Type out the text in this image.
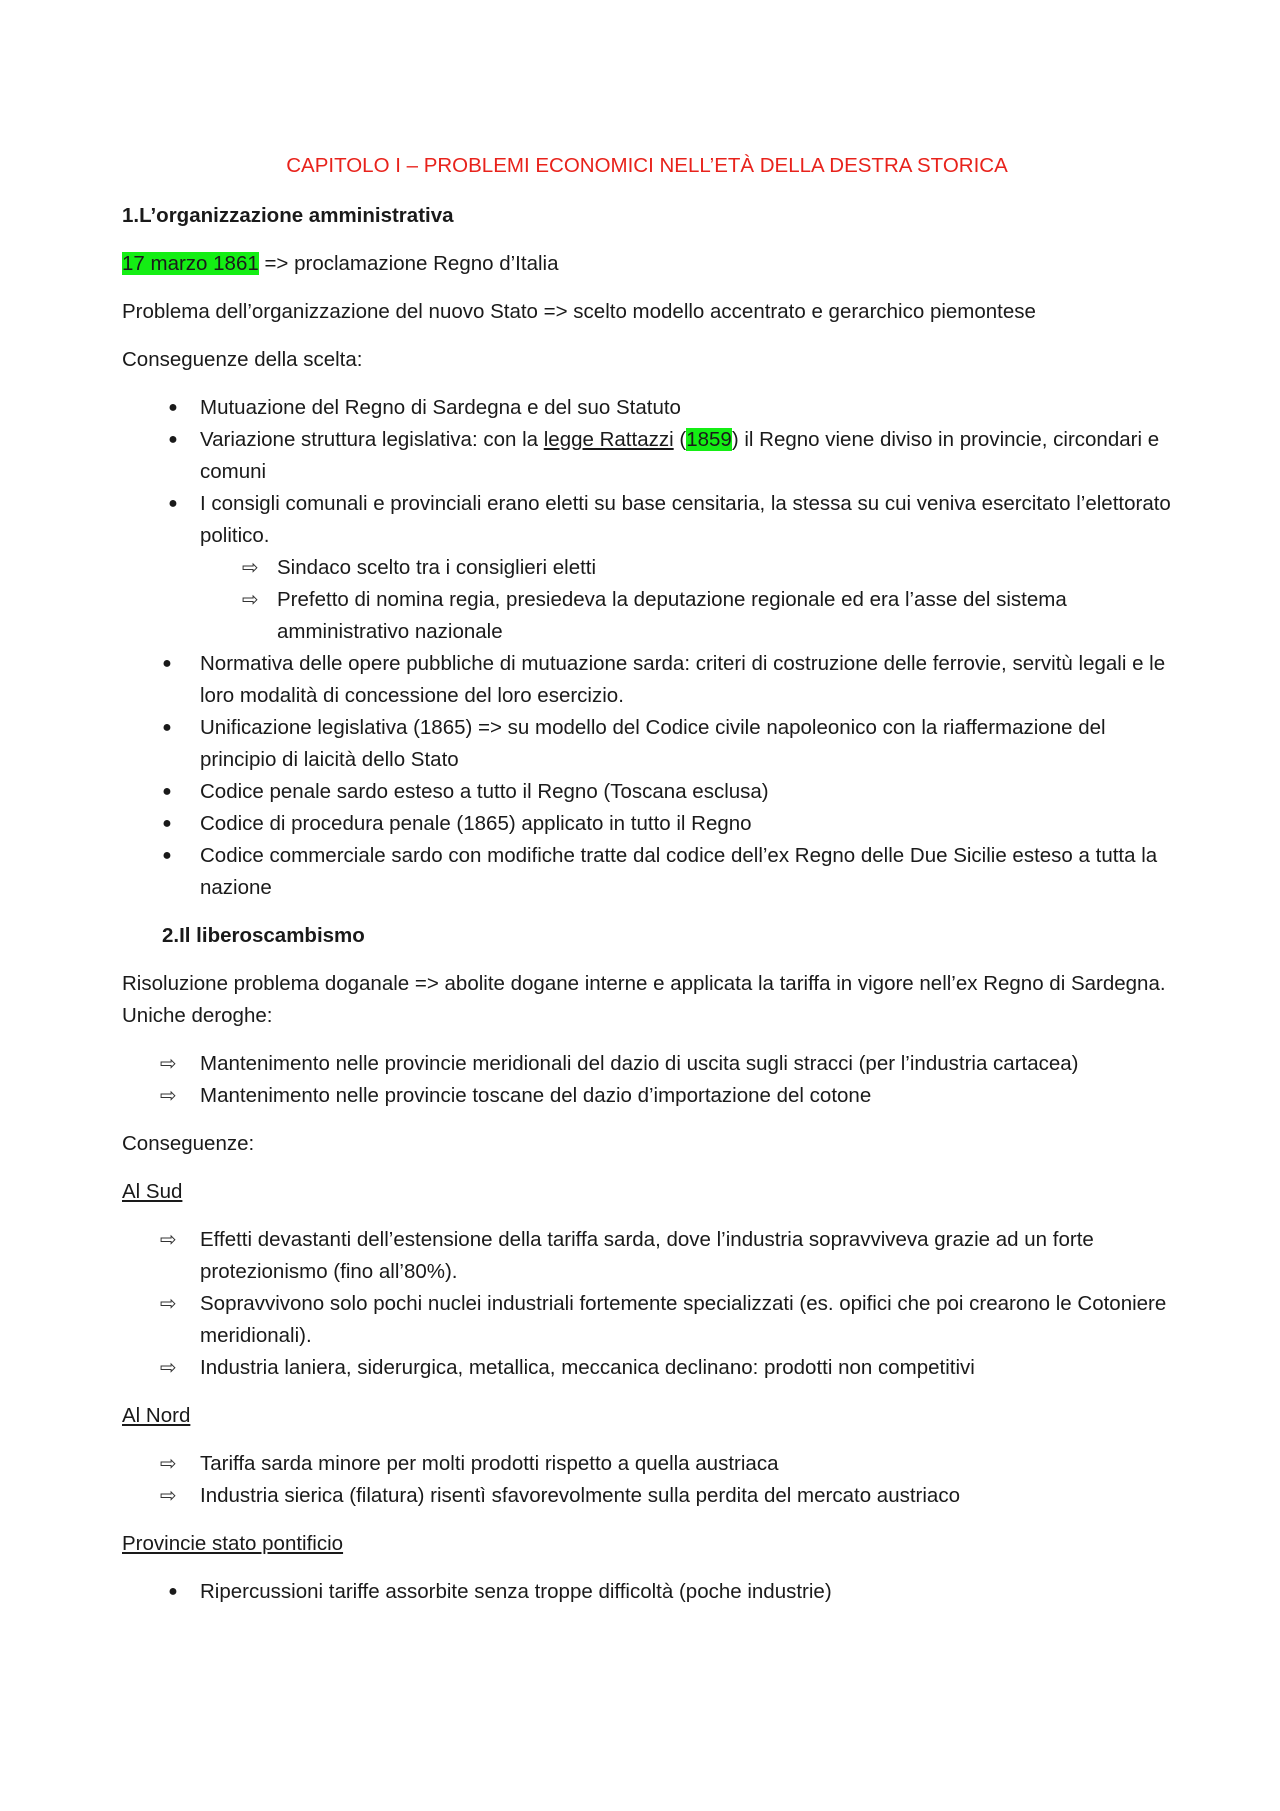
CAPITOLO I – PROBLEMI ECONOMICI NELL’ETÀ DELLA DESTRA STORICA
1.L’organizzazione amministrativa

17 marzo 1861 => proclamazione Regno d’Italia

Problema dell’organizzazione del nuovo Stato => scelto modello accentrato e gerarchico piemontese

Conseguenze della scelta:

● Mutuazione del Regno di Sardegna e del suo Statuto
● Variazione struttura legislativa: con la legge Rattazzi (1859) il Regno viene diviso in provincie, circondari e comuni
● I consigli comunali e provinciali erano eletti su base censitaria, la stessa su cui veniva esercitato l’elettorato politico.
⇨ Sindaco scelto tra i consiglieri eletti
⇨ Prefetto di nomina regia, presiedeva la deputazione regionale ed era l’asse del sistema amministrativo nazionale
● Normativa delle opere pubbliche di mutuazione sarda: criteri di costruzione delle ferrovie, servitù legali e le loro modalità di concessione del loro esercizio.
● Unificazione legislativa (1865) => su modello del Codice civile napoleonico con la riaffermazione del principio di laicità dello Stato
● Codice penale sardo esteso a tutto il Regno (Toscana esclusa)
● Codice di procedura penale (1865) applicato in tutto il Regno
● Codice commerciale sardo con modifiche tratte dal codice dell’ex Regno delle Due Sicilie esteso a tutta la nazione
2.Il liberoscambismo

Risoluzione problema doganale => abolite dogane interne e applicata la tariffa in vigore nell’ex Regno di Sardegna. Uniche deroghe:

⇨ Mantenimento nelle provincie meridionali del dazio di uscita sugli stracci (per l’industria cartacea)
⇨ Mantenimento nelle provincie toscane del dazio d’importazione del cotone

Conseguenze:

Al Sud

⇨ Effetti devastanti dell’estensione della tariffa sarda, dove l’industria sopravviveva grazie ad un forte protezionismo (fino all’80%).
⇨ Sopravvivono solo pochi nuclei industriali fortemente specializzati (es. opifici che poi crearono le Cotoniere meridionali).
⇨ Industria laniera, siderurgica, metallica, meccanica declinano: prodotti non competitivi

Al Nord

⇨ Tariffa sarda minore per molti prodotti rispetto a quella austriaca
⇨ Industria sierica (filatura) risentì sfavorevolmente sulla perdita del mercato austriaco

Provincie stato pontificio

● Ripercussioni tariffe assorbite senza troppe difficoltà (poche industrie)
